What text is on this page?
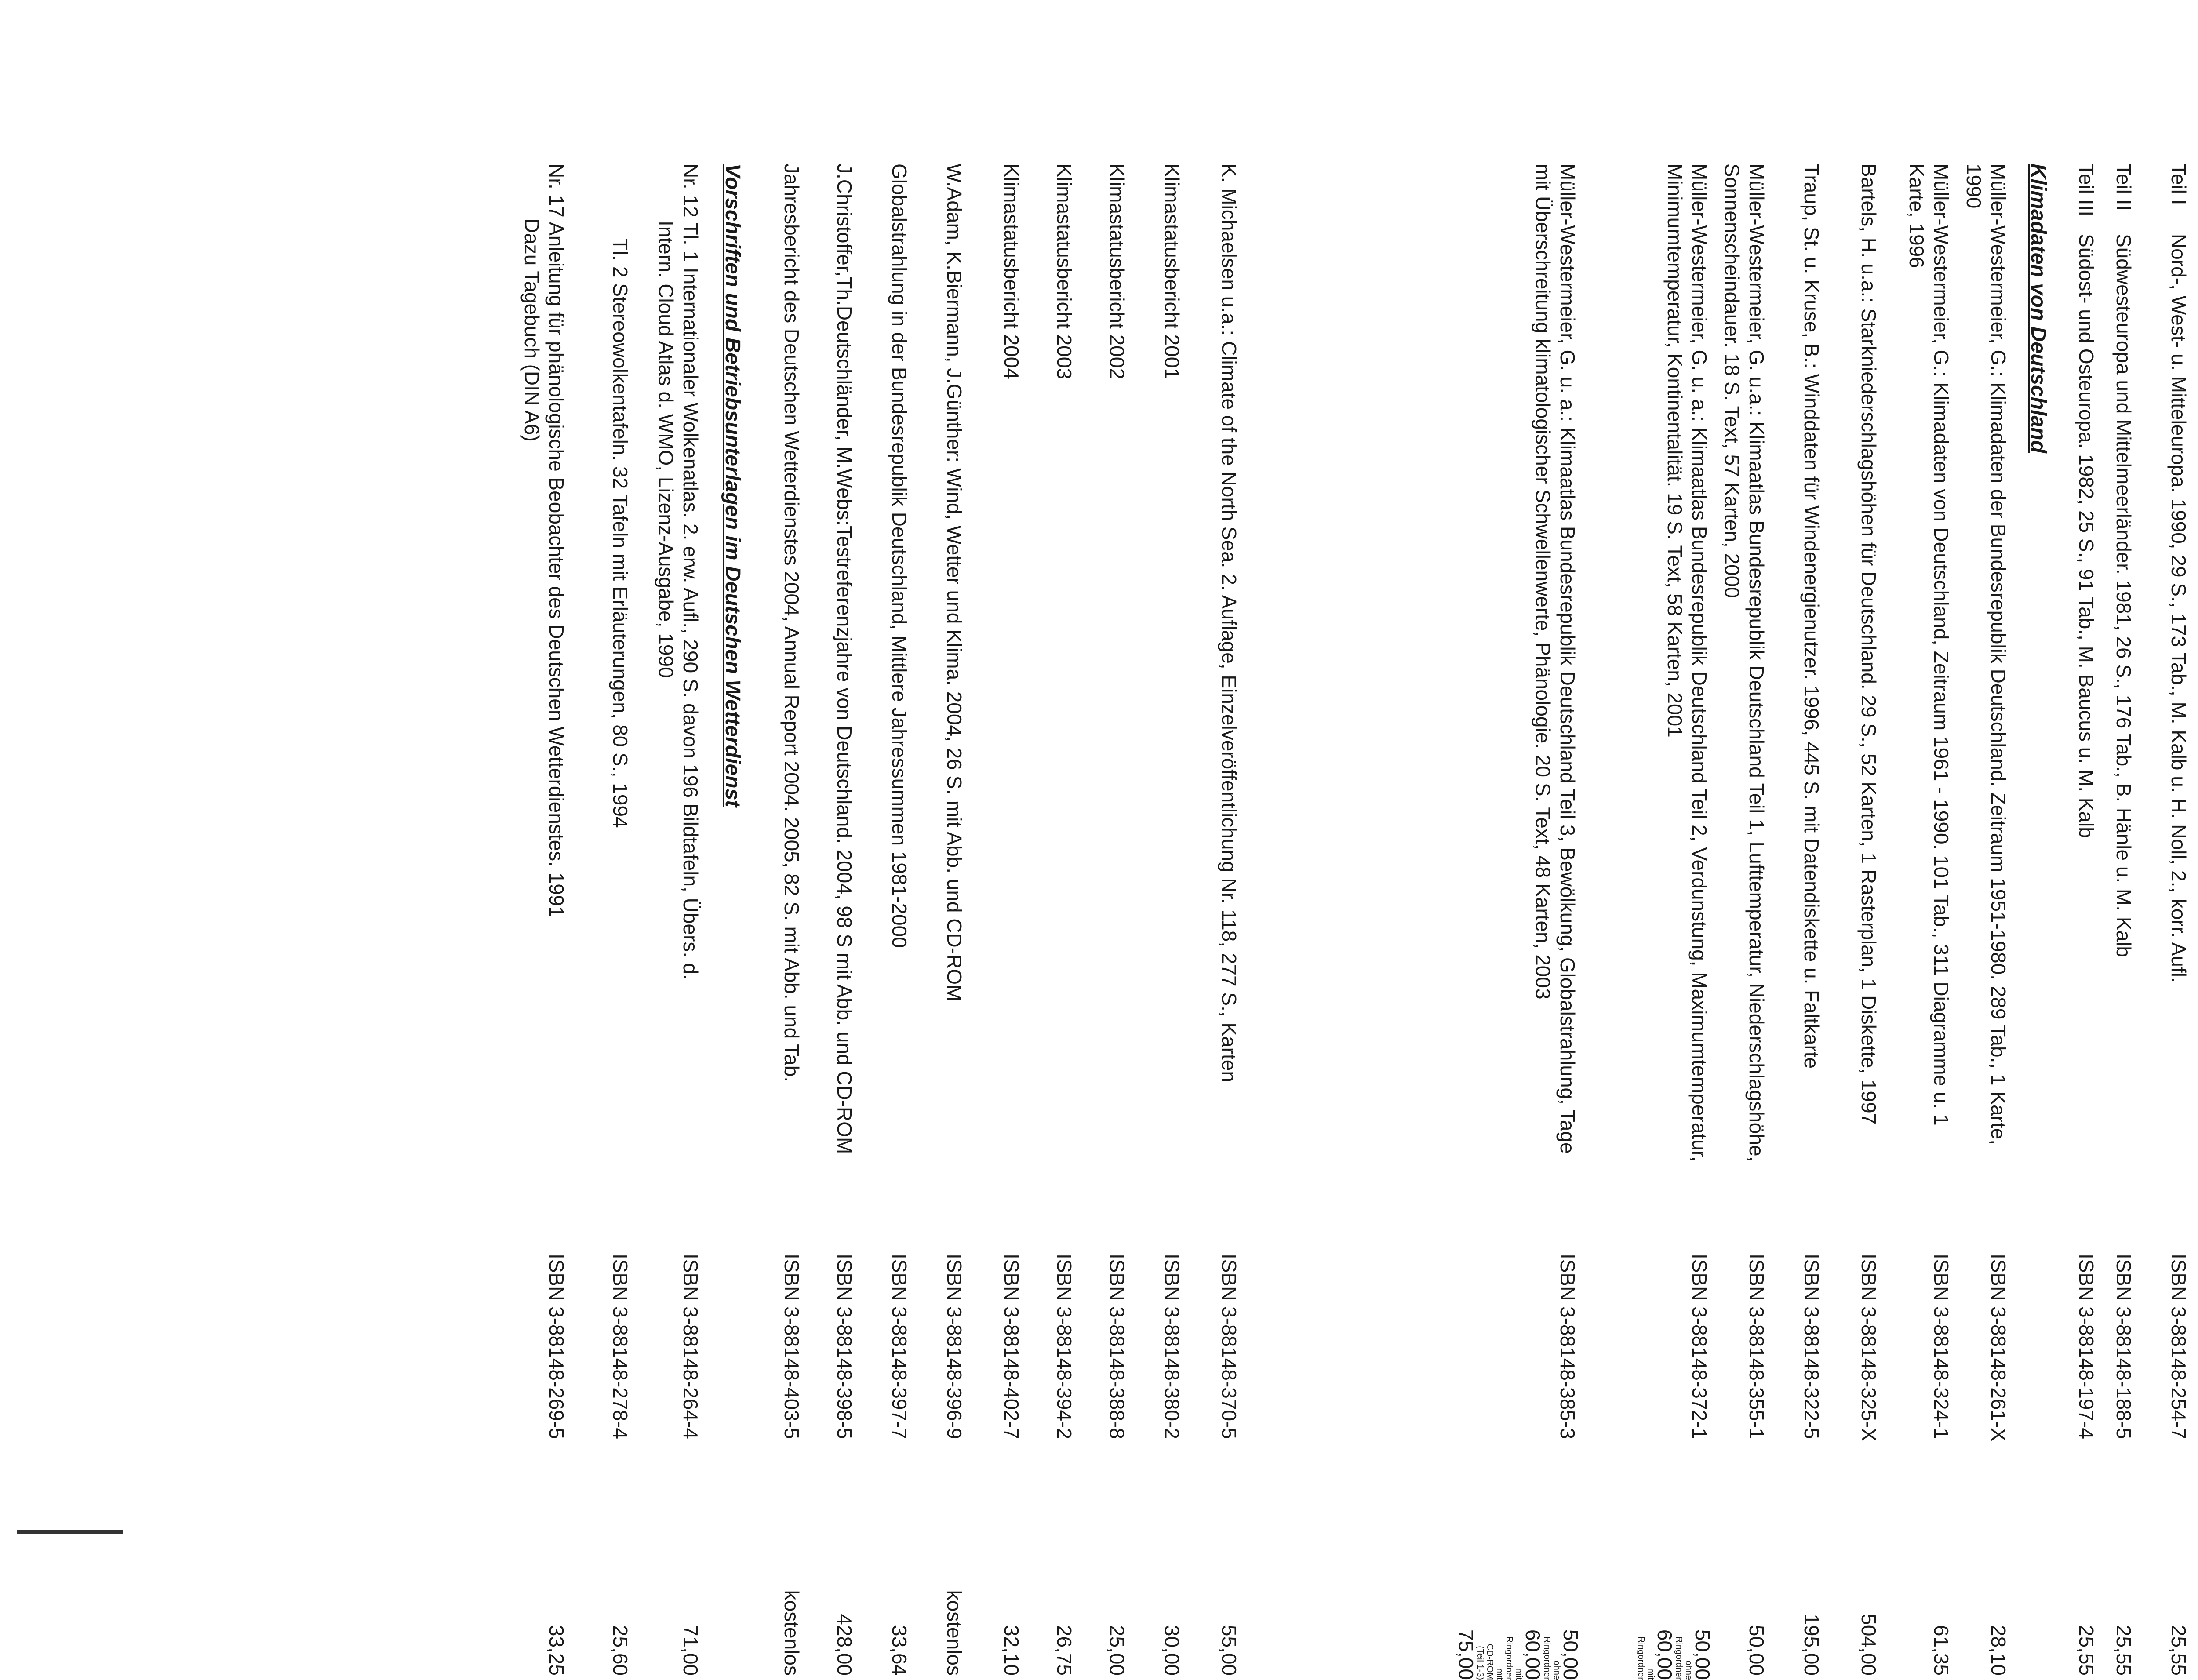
Teil I
Nord-, West- u. Mitteleuropa. 1990, 29 S., 173 Tab., M. Kalb u. H. Noll, 2., korr. Aufl.
ISBN 3-88148-254-7
25,55
Teil II
Südwesteuropa und Mittelmeerländer. 1981, 26 S., 176 Tab., B. Hänle u. M. Kalb
ISBN 3-88148-188-5
25,55
Teil III
Südost- und Osteuropa. 1982, 25 S., 91 Tab., M. Baucus u. M. Kalb
ISBN 3-88148-197-4
25,55
Klimadaten von Deutschland
Müller-Westermeier, G.: Klimadaten der Bundesrepublik Deutschland. Zeitraum 1951-1980. 289 Tab., 1 Karte, 1990
ISBN 3-88148-261-X
28,10
Müller-Westermeier, G.: Klimadaten von Deutschland, Zeitraum 1961 - 1990. 101 Tab., 311 Diagramme u. 1 Karte, 1996
ISBN 3-88148-324-1
61,35
Bartels, H. u.a.: Starkniederschlagshöhen für Deutschland. 29 S., 52 Karten, 1 Rasterplan, 1 Diskette, 1997
ISBN 3-88148-325-X
504,00
Traup, St. u. Kruse, B.: Winddaten für Windenergienutzer. 1996, 445 S. mit Datendiskette u. Faltkarte
ISBN 3-88148-322-5
195,00
Müller-Westermeier, G. u.a.: Klimaatlas Bundesrepublik Deutschland Teil 1, Lufttemperatur, Niederschlagshöhe, Sonnenscheindauer. 18 S. Text, 57 Karten, 2000
ISBN 3-88148-355-1
50,00
Müller-Westermeier, G. u. a.: Klimaatlas Bundesrepublik Deutschland Teil 2, Verdunstung, Maximumtemperatur, Minimumtemperatur, Kontinentalität. 19 S. Text, 58 Karten, 2001
ISBN 3-88148-372-1
50,00
ohne
Ringordner
60,00
mit
Ringordner
Müller-Westermeier, G. u. a.: Klimaatlas Bundesrepublik Deutschland Teil 3, Bewölkung, Globalstrahlung, Tage mit Überschreitung klimatologischer Schwellenwerte, Phänologie. 20 S. Text, 48 Karten, 2003
ISBN 3-88148-385-3
50,00
ohne
Ringordner
60,00
mit
Ringordner
mit
CD-ROM
(Teil 1-3)
75,00
K. Michaelsen u.a.: Climate of the North Sea. 2. Auflage, Einzelveröffentlichung Nr. 118, 277 S., Karten
ISBN 3-88148-370-5
55,00
Klimastatusbericht 2001
ISBN 3-88148-380-2
30,00
Klimastatusbericht 2002
ISBN 3-88148-388-8
25,00
Klimastatusbericht 2003
ISBN 3-88148-394-2
26,75
Klimastatusbericht 2004
ISBN 3-88148-402-7
32,10
W.Adam, K.Biermann, J.Günther: Wind, Wetter und Klima. 2004, 26 S. mit Abb. und CD-ROM
ISBN 3-88148-396-9
kostenlos
Globalstrahlung in der Bundesrepublik Deutschland, Mittlere Jahressummen 1981-2000
ISBN 3-88148-397-7
33,64
J.Christoffer,Th.Deutschländer, M.Webs:Testreferenzjahre von Deutschland. 2004, 98 S mit Abb. und CD-ROM
ISBN 3-88148-398-5
428,00
Jahresbericht des Deutschen Wetterdienstes 2004, Annual Report 2004. 2005, 82 S. mit Abb. und Tab.
ISBN 3-88148-403-5
kostenlos
Vorschriften und Betriebsunterlagen im Deutschen Wetterdienst
Nr. 12 Tl. 1 Internationaler Wolkenatlas. 2. erw. Aufl., 290 S. davon 196 Bildtafeln, Übers. d.
Intern. Cloud Atlas d. WMO, Lizenz-Ausgabe, 1990
ISBN 3-88148-264-4
71,00
Tl. 2 Stereowolkentafeln. 32 Tafeln mit Erläuterungen, 80 S., 1994
ISBN 3-88148-278-4
25,60
Nr. 17 Anleitung für phänologische Beobachter des Deutschen Wetterdienstes. 1991
Dazu Tagebuch (DIN A6)
ISBN 3-88148-269-5
33,25
